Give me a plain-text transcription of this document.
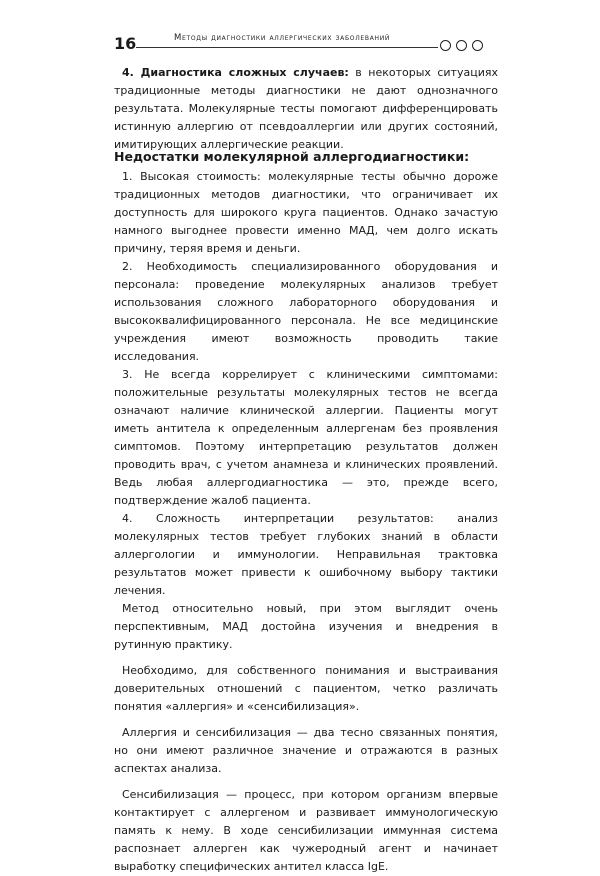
16	Методы диагностики аллергических заболеваний

4. Диагностика сложных случаев: в некоторых ситуациях традиционные методы диагностики не дают однозначного результата. Молекулярные тесты помогают дифференцировать истинную аллергию от псевдоаллергии или других состояний, имитирующих аллергические реакции.

Недостатки молекулярной аллергодиагностики:

1. Высокая стоимость: молекулярные тесты обычно дороже традиционных методов диагностики, что ограничивает их доступность для широкого круга пациентов. Однако зачастую намного выгоднее провести именно МАД, чем долго искать причину, теряя время и деньги.

2. Необходимость специализированного оборудования и персонала: проведение молекулярных анализов требует использования сложного лабораторного оборудования и высококвалифицированного персонала. Не все медицинские учреждения имеют возможность проводить такие исследования.

3. Не всегда коррелирует с клиническими симптомами: положительные результаты молекулярных тестов не всегда означают наличие клинической аллергии. Пациенты могут иметь антитела к определенным аллергенам без проявления симптомов. Поэтому интерпретацию результатов должен проводить врач, с учетом анамнеза и клинических проявлений. Ведь любая аллергодиагностика — это, прежде всего, подтверждение жалоб пациента.

4. Сложность интерпретации результатов: анализ молекулярных тестов требует глубоких знаний в области аллергологии и иммунологии. Неправильная трактовка результатов может привести к ошибочному выбору тактики лечения.

Метод относительно новый, при этом выглядит очень перспективным, МАД достойна изучения и внедрения в рутинную практику.

Необходимо, для собственного понимания и выстраивания доверительных отношений с пациентом, четко различать понятия «аллергия» и «сенсибилизация».

Аллергия и сенсибилизация — два тесно связанных понятия, но они имеют различное значение и отражаются в разных аспектах анализа.

Сенсибилизация — процесс, при котором организм впервые контактирует с аллергеном и развивает иммунологическую память к нему. В ходе сенсибилизации иммунная система распознает аллерген как чужеродный агент и начинает выработку специфических антител класса IgE.
